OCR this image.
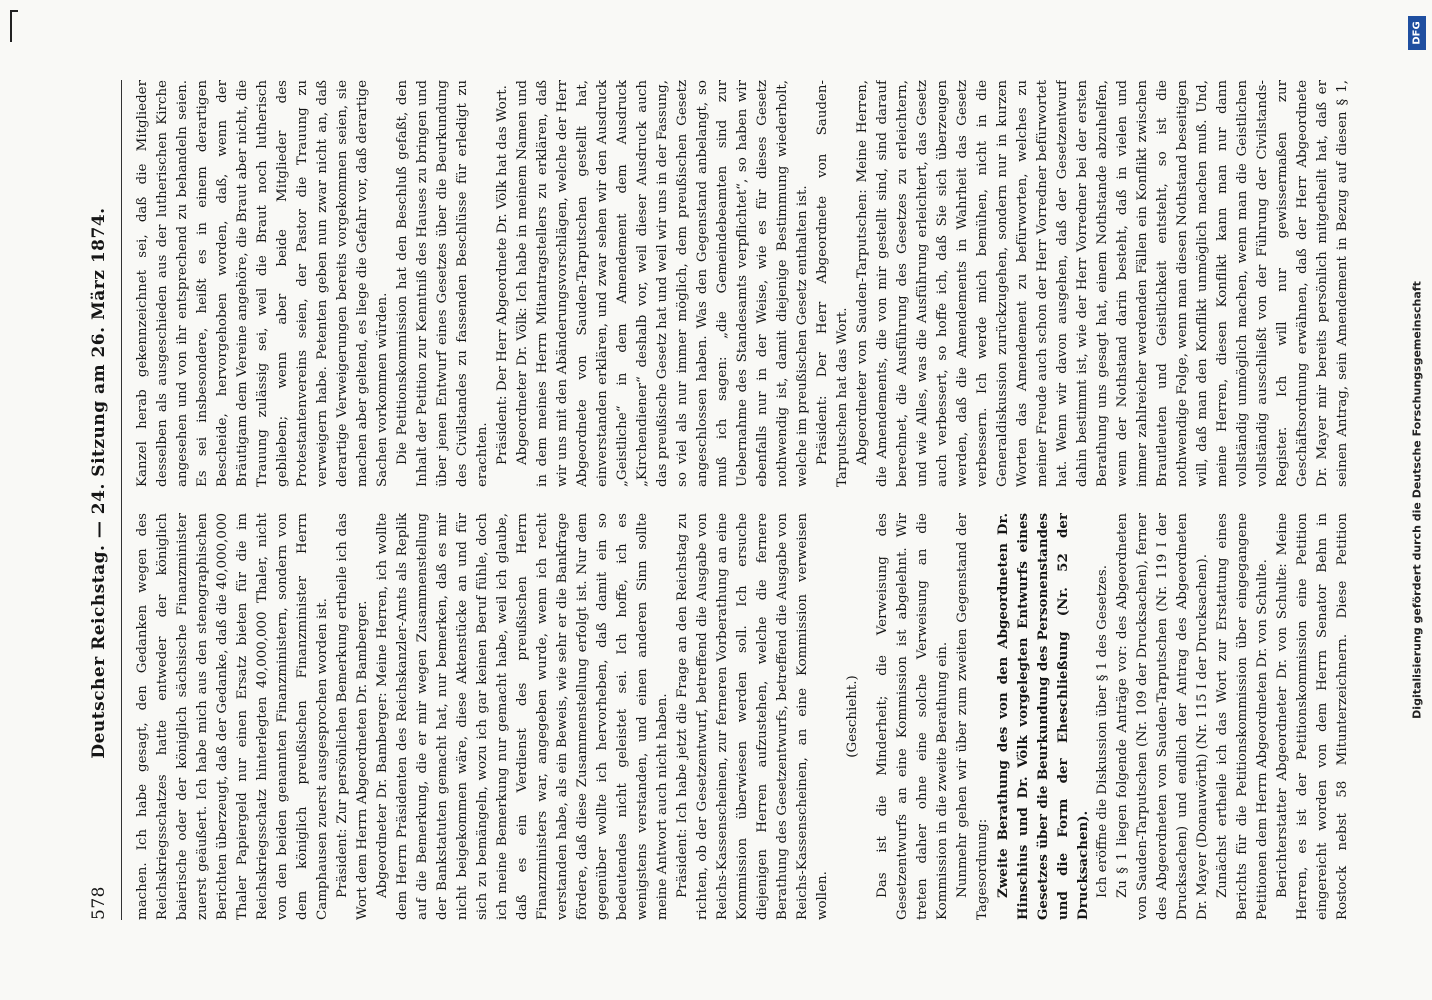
578
Deutscher Reichstag. — 24. Sitzung am 26. März 1874. machen. Ich habe gesagt, den Gedanken wegen des Reichskriegsschatzes hatte entweder der königlich baierische oder der königlich sächsische Finanzminister zuerst geäußert. Ich habe mich aus den stenographischen Berichten überzeugt, daß der Gedanke, daß die 40,000,000 Thaler Papiergeld nur einen Ersatz bieten für die im Reichskriegsschatz hinterlegten 40,000,000 Thaler, nicht von den beiden genannten Finanzministern, sondern von dem königlich preußischen Finanzminister Herrn Camphausen zuerst ausgesprochen worden ist. Präsident: Zur persönlichen Bemerkung ertheile ich das Wort dem Herrn Abgeordneten Dr. Bamberger. Abgeordneter Dr. Bamberger: Meine Herren, ich wollte dem Herrn Präsidenten des Reichskanzler-Amts als Replik auf die Bemerkung, die er mir wegen Zusammenstellung der Bankstatuten gemacht hat, nur bemerken, daß es mir nicht beigekommen wäre, diese Aktenstücke an und für sich zu bemängeln, wozu ich gar keinen Beruf fühle, doch ich meine Bemerkung nur gemacht habe, weil ich glaube, daß es ein Verdienst des preußischen Herrn Finanzministers war, angegeben wurde, wenn ich recht verstanden habe, als ein Beweis, wie sehr er die Bankfrage fördere, daß diese Zusammenstellung erfolgt ist. Nur dem gegenüber wollte ich hervorheben, daß damit ein so bedeutendes nicht geleistet sei. Ich hoffe, ich es wenigstens verstanden, und einen anderen Sinn sollte meine Antwort auch nicht haben. Präsident: Ich habe jetzt die Frage an den Reichstag zu richten, ob der Gesetzentwurf, betreffend die Ausgabe von Reichs-Kassenscheinen, zur ferneren Vorberathung an eine Kommission überwiesen werden soll. Ich ersuche diejenigen Herren aufzustehen, welche die fernere Berathung des Gesetzentwurfs, betreffend die Ausgabe von Reichs-Kassenscheinen, an eine Kommission verweisen wollen.

(Geschieht.) Das ist die Minderheit; die Verweisung des Gesetzentwurfs an eine Kommission ist abgelehnt. Wir treten daher ohne eine solche Verweisung an die Kommission in die zweite Berathung ein. Nunmehr gehen wir über zum zweiten Gegenstand der Tagesordnung: Zweite Berathung des von den Abgeordneten Dr. Hinschius und Dr. Völk vorgelegten Entwurfs eines Gesetzes über die Beurkundung des Personenstandes und die Form der Eheschließung (Nr. 52 der Drucksachen). Ich eröffne die Diskussion über § 1 des Gesetzes. Zu § 1 liegen folgende Anträge vor: des Abgeordneten von Sauden-Tarputschen (Nr. 109 der Drucksachen), ferner des Abgeordneten von Sauden-Tarputschen (Nr. 119 I der Drucksachen) und endlich der Antrag des Abgeordneten Dr. Mayer (Donauwörth) (Nr. 115 I der Drucksachen). Zunächst ertheile ich das Wort zur Erstattung eines Berichts für die Petitionskommission über eingegangene Petitionen dem Herrn Abgeordneten Dr. von Schulte. Berichterstatter Abgeordneter Dr. von Schulte: Meine Herren, es ist der Petitionskommission eine Petition eingereicht worden von dem Herrn Senator Behn in Rostock nebst 58 Mitunterzeichnern. Diese Petition

Kanzel herab gekennzeichnet sei, daß die Mitglieder desselben als ausgeschieden aus der lutherischen Kirche angesehen und von ihr entsprechend zu behandeln seien. Es sei insbesondere, heißt es in einem derartigen Bescheide, hervorgehoben worden, daß, wenn der Bräutigam dem Vereine angehöre, die Braut aber nicht, die Trauung zulässig sei, weil die Braut noch lutherisch geblieben; wenn aber beide Mitglieder des Protestantenvereins seien, der Pastor die Trauung zu verweigern habe. Petenten geben nun zwar nicht an, daß derartige Verweigerungen bereits vorgekommen seien, sie machen aber geltend, es liege die Gefahr vor, daß derartige Sachen vorkommen würden. Die Petitionskommission hat den Beschluß gefaßt, den Inhalt der Petition zur Kenntniß des Hauses zu bringen und über jenen Entwurf eines Gesetzes über die Beurkundung des Civilstandes zu fassenden Beschlüsse für erledigt zu erachten. Präsident: Der Herr Abgeordnete Dr. Völk hat das Wort. Abgeordneter Dr. Völk: Ich habe in meinem Namen und in dem meines Herrn Mitantragstellers zu erklären, daß wir uns mit den Abänderungsvorschlägen, welche der Herr Abgeordnete von Sauden-Tarputschen gestellt hat, einverstanden erklären, und zwar sehen wir den Ausdruck „Geistliche“ in dem Amendement dem Ausdruck „Kirchendiener“ deshalb vor, weil dieser Ausdruck auch das preußische Gesetz hat und weil wir uns in der Fassung, so viel als nur immer möglich, dem preußischen Gesetz angeschlossen haben. Was den Gegenstand anbelangt, so muß ich sagen: „die Gemeindebeamten sind zur Uebernahme des Standesamts verpflichtet“, so haben wir ebenfalls nur in der Weise, wie es für dieses Gesetz nothwendig ist, damit diejenige Bestimmung wiederholt, welche im preußischen Gesetz enthalten ist. Präsident: Der Herr Abgeordnete von Sauden-Tarputschen hat das Wort. Abgeordneter von Sauden-Tarputschen: Meine Herren, die Amendements, die von mir gestellt sind, sind darauf berechnet, die Ausführung des Gesetzes zu erleichtern, und wie Alles, was die Ausführung erleichtert, das Gesetz auch verbessert, so hoffe ich, daß Sie sich überzeugen werden, daß die Amendements in Wahrheit das Gesetz verbessern. Ich werde mich bemühen, nicht in die Generaldiskussion zurückzugehen, sondern nur in kurzen Worten das Amendement zu befürworten, welches zu meiner Freude auch schon der Herr Vorredner befürwortet hat. Wenn wir davon ausgehen, daß der Gesetzentwurf dahin bestimmt ist, wie der Herr Vorredner bei der ersten Berathung uns gesagt hat, einem Nothstande abzuhelfen, wenn der Nothstand darin besteht, daß in vielen und immer zahlreicher werdenden Fällen ein Konflikt zwischen Brautleuten und Geistlichkeit entsteht, so ist die nothwendige Folge, wenn man diesen Nothstand beseitigen will, daß man den Konflikt unmöglich machen muß. Und, meine Herren, diesen Konflikt kann man nur dann vollständig unmöglich machen, wenn man die Geistlichen vollständig ausschließt von der Führung der Civilstands-Register. Ich will nur gewissermaßen zur Geschäftsordnung erwähnen, daß der Herr Abgeordnete Dr. Mayer mir bereits persönlich mitgetheilt hat, daß er seinen Antrag, sein Amendement in Bezug auf diesen § 1,

DFG
Digitalisierung gefördert durch die Deutsche Forschungsgemeinschaft
